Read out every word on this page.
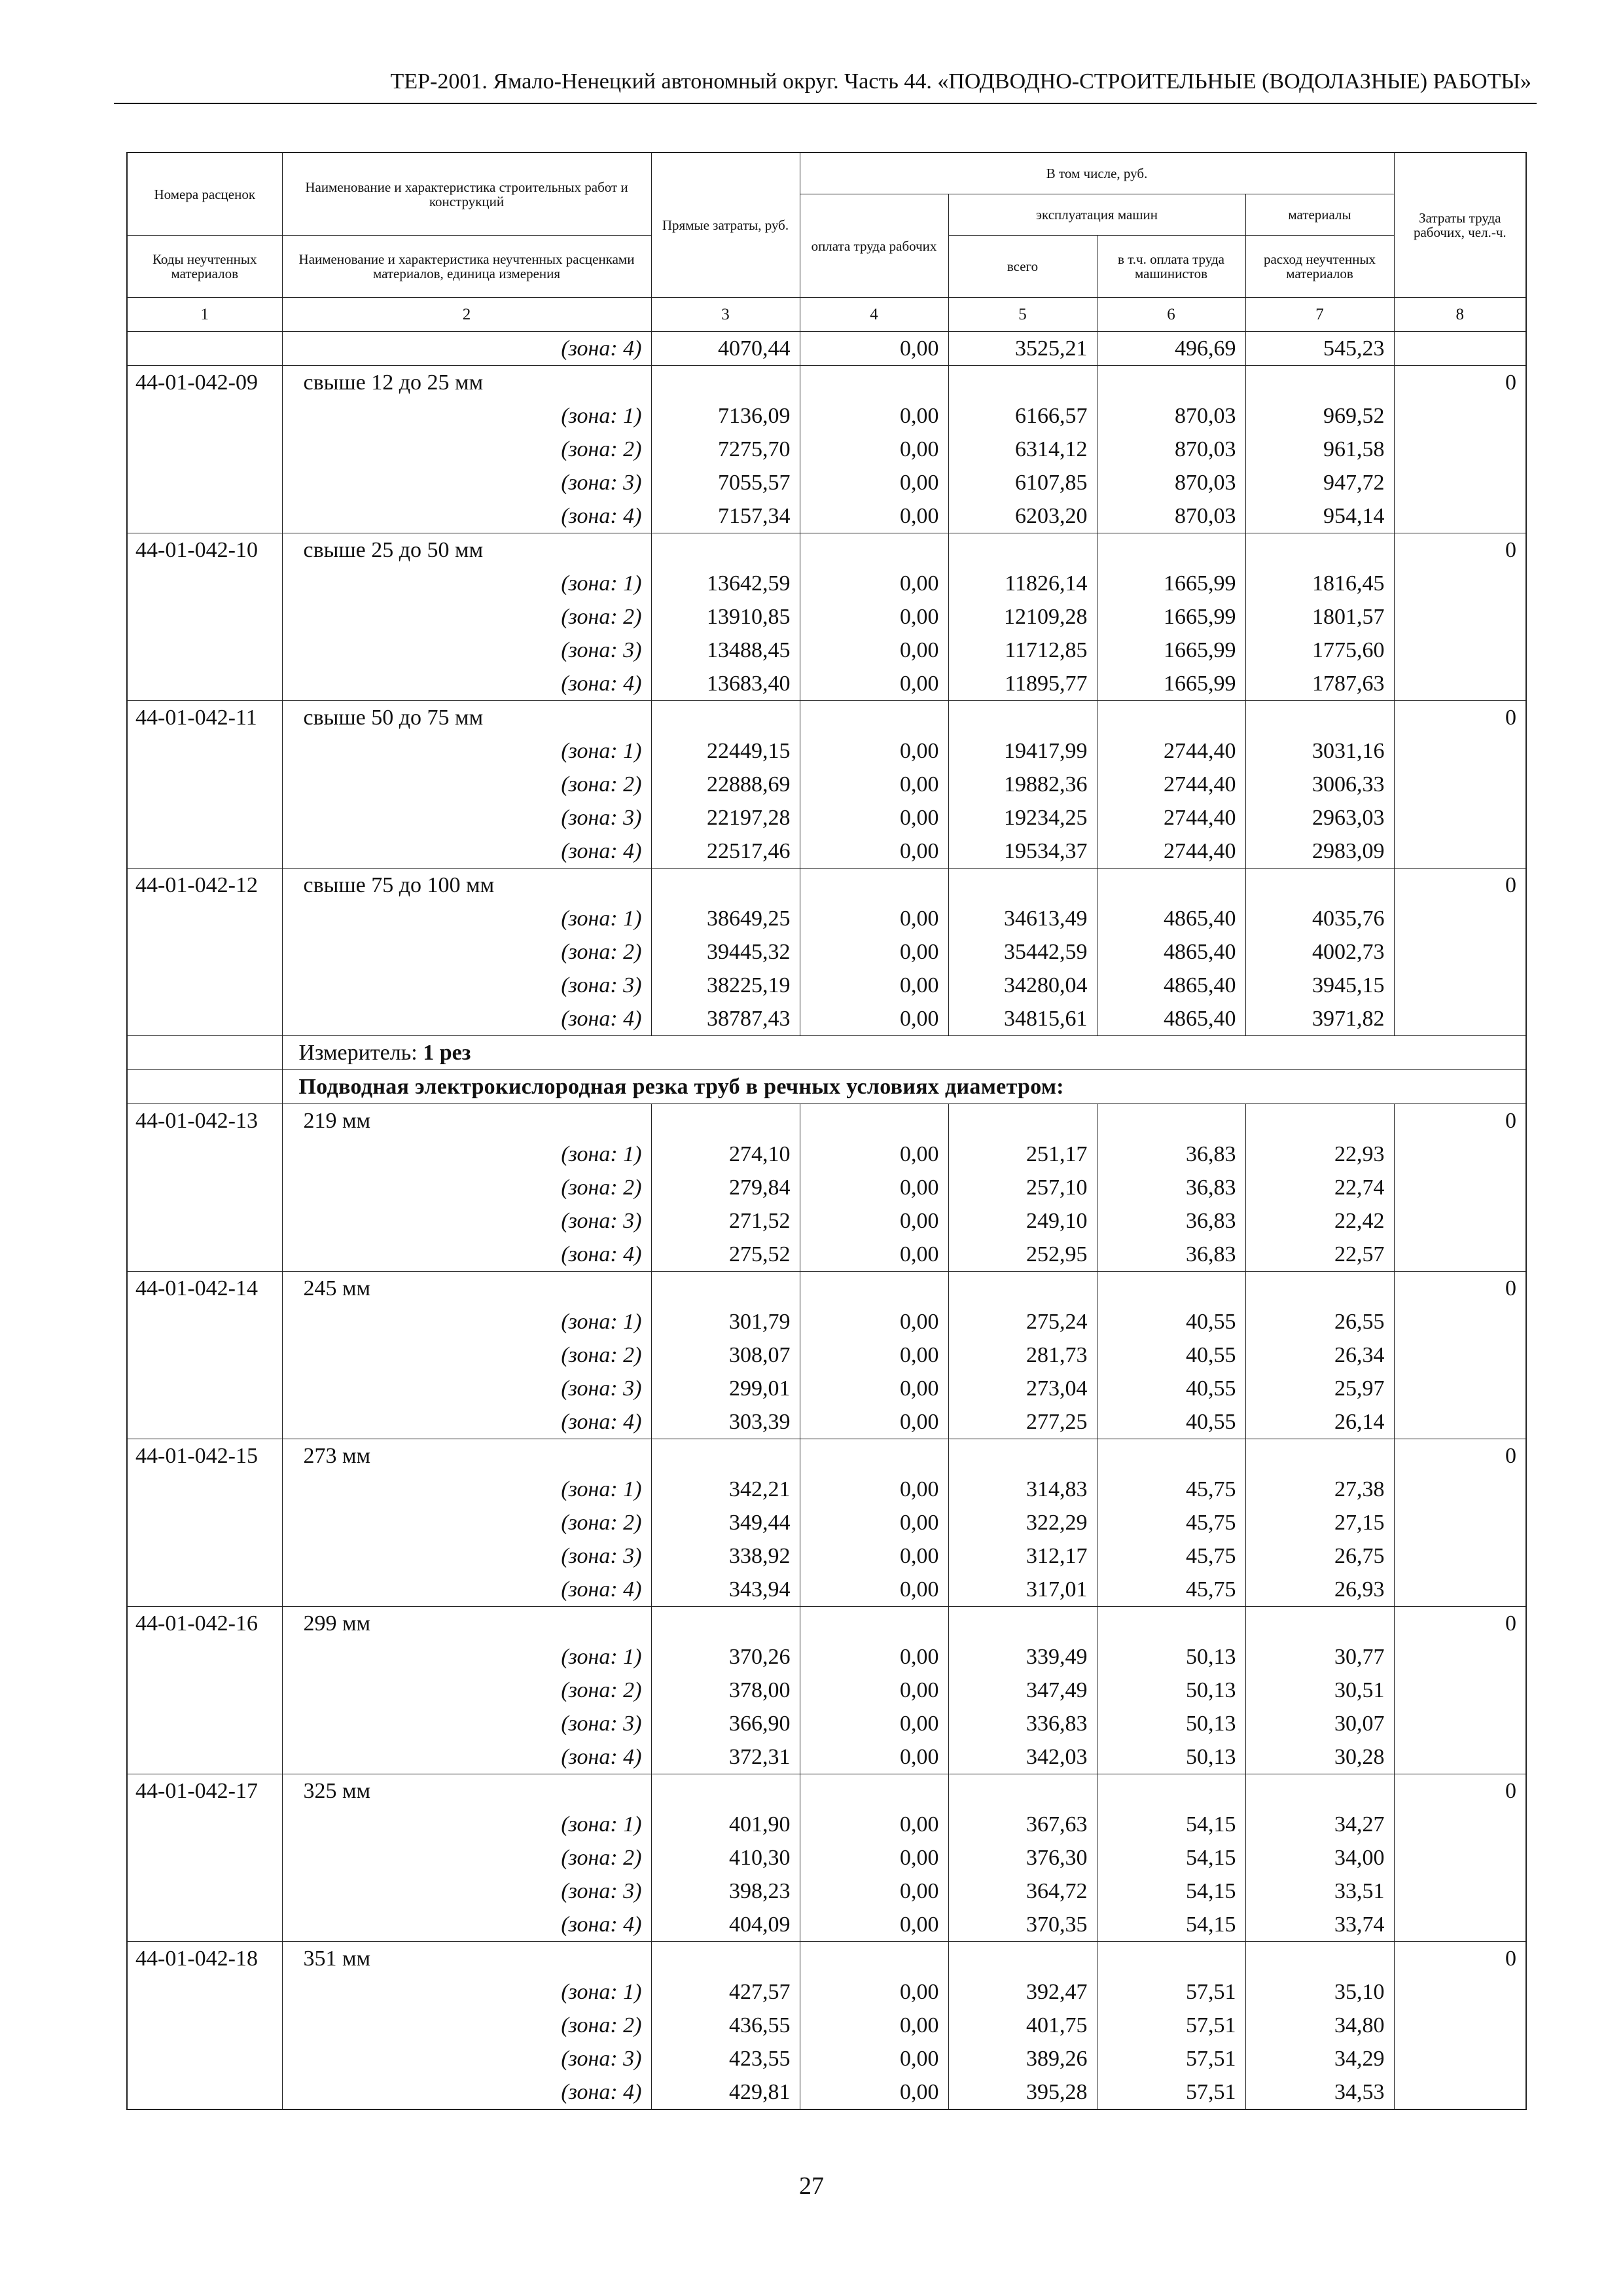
ТЕР-2001. Ямало-Ненецкий автономный округ. Часть 44. «ПОДВОДНО-СТРОИТЕЛЬНЫЕ (ВОДОЛАЗНЫЕ) РАБОТЫ»
Номера расценок	Наименование и характеристика строительных работ и конструкций	Прямые затраты, руб.	В том числе, руб.				Затраты труда рабочих, чел.-ч.
			оплата труда рабочих	эксплуатация машин		материалы	
Коды неучтенных материалов	Наименование и характеристика неучтенных расценками материалов, единица измерения			всего	в т.ч. оплата труда машинистов	расход неучтенных материалов	
1	2	3	4	5	6	7	8
	(зона: 4)	4070,44	0,00	3525,21	496,69	545,23	
44-01-042-09	свыше 12 до 25 мм						0
	(зона: 1)	7136,09	0,00	6166,57	870,03	969,52	
	(зона: 2)	7275,70	0,00	6314,12	870,03	961,58	
	(зона: 3)	7055,57	0,00	6107,85	870,03	947,72	
	(зона: 4)	7157,34	0,00	6203,20	870,03	954,14	
44-01-042-10	свыше 25 до 50 мм						0
	(зона: 1)	13642,59	0,00	11826,14	1665,99	1816,45	
	(зона: 2)	13910,85	0,00	12109,28	1665,99	1801,57	
	(зона: 3)	13488,45	0,00	11712,85	1665,99	1775,60	
	(зона: 4)	13683,40	0,00	11895,77	1665,99	1787,63	
44-01-042-11	свыше 50 до 75 мм						0
	(зона: 1)	22449,15	0,00	19417,99	2744,40	3031,16	
	(зона: 2)	22888,69	0,00	19882,36	2744,40	3006,33	
	(зона: 3)	22197,28	0,00	19234,25	2744,40	2963,03	
	(зона: 4)	22517,46	0,00	19534,37	2744,40	2983,09	
44-01-042-12	свыше 75 до 100 мм						0
	(зона: 1)	38649,25	0,00	34613,49	4865,40	4035,76	
	(зона: 2)	39445,32	0,00	35442,59	4865,40	4002,73	
	(зона: 3)	38225,19	0,00	34280,04	4865,40	3945,15	
	(зона: 4)	38787,43	0,00	34815,61	4865,40	3971,82	
	Измеритель: 1 рез						
	Подводная электрокислородная резка труб в речных условиях диаметром:						
44-01-042-13	219 мм						0
	(зона: 1)	274,10	0,00	251,17	36,83	22,93	
	(зона: 2)	279,84	0,00	257,10	36,83	22,74	
	(зона: 3)	271,52	0,00	249,10	36,83	22,42	
	(зона: 4)	275,52	0,00	252,95	36,83	22,57	
44-01-042-14	245 мм						0
	(зона: 1)	301,79	0,00	275,24	40,55	26,55	
	(зона: 2)	308,07	0,00	281,73	40,55	26,34	
	(зона: 3)	299,01	0,00	273,04	40,55	25,97	
	(зона: 4)	303,39	0,00	277,25	40,55	26,14	
44-01-042-15	273 мм						0
	(зона: 1)	342,21	0,00	314,83	45,75	27,38	
	(зона: 2)	349,44	0,00	322,29	45,75	27,15	
	(зона: 3)	338,92	0,00	312,17	45,75	26,75	
	(зона: 4)	343,94	0,00	317,01	45,75	26,93	
44-01-042-16	299 мм						0
	(зона: 1)	370,26	0,00	339,49	50,13	30,77	
	(зона: 2)	378,00	0,00	347,49	50,13	30,51	
	(зона: 3)	366,90	0,00	336,83	50,13	30,07	
	(зона: 4)	372,31	0,00	342,03	50,13	30,28	
44-01-042-17	325 мм						0
	(зона: 1)	401,90	0,00	367,63	54,15	34,27	
	(зона: 2)	410,30	0,00	376,30	54,15	34,00	
	(зона: 3)	398,23	0,00	364,72	54,15	33,51	
	(зона: 4)	404,09	0,00	370,35	54,15	33,74	
44-01-042-18	351 мм						0
	(зона: 1)	427,57	0,00	392,47	57,51	35,10	
	(зона: 2)	436,55	0,00	401,75	57,51	34,80	
	(зона: 3)	423,55	0,00	389,26	57,51	34,29	
	(зона: 4)	429,81	0,00	395,28	57,51	34,53	
27
